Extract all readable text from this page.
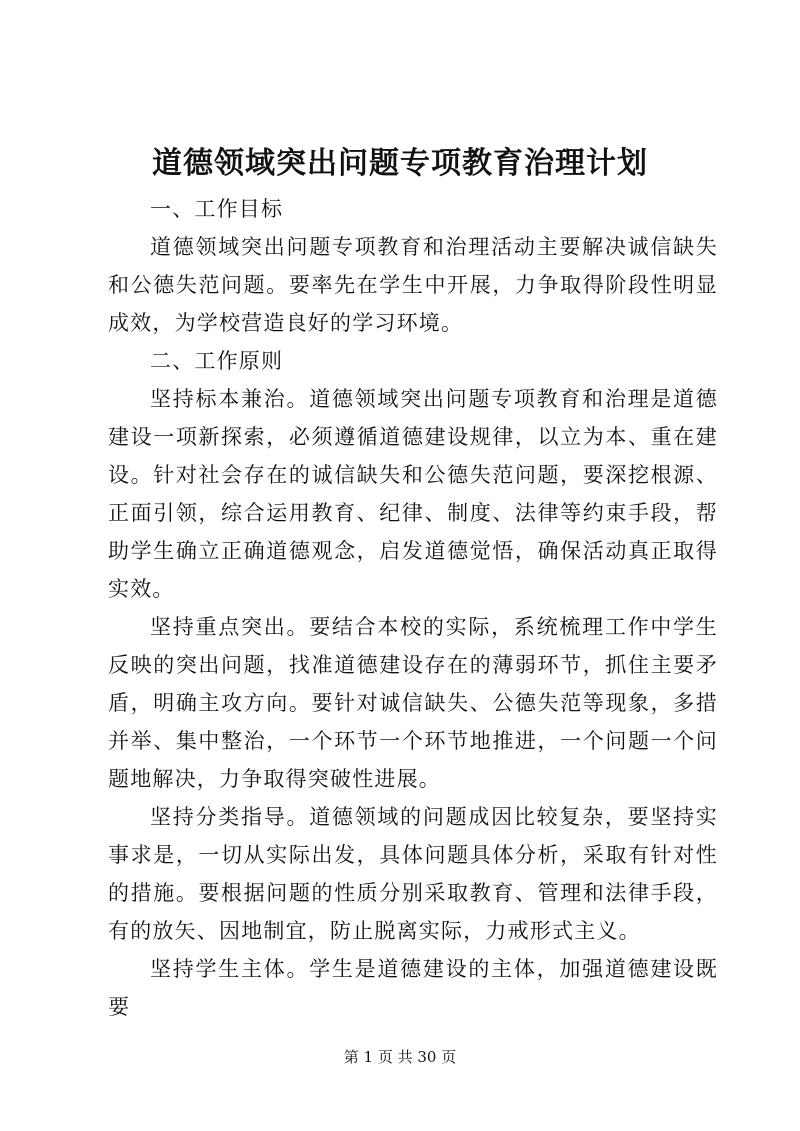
道德领域突出问题专项教育治理计划

一、工作目标

道德领域突出问题专项教育和治理活动主要解决诚信缺失和公德失范问题。要率先在学生中开展，力争取得阶段性明显成效，为学校营造良好的学习环境。

二、工作原则

坚持标本兼治。道德领域突出问题专项教育和治理是道德建设一项新探索，必须遵循道德建设规律，以立为本、重在建设。针对社会存在的诚信缺失和公德失范问题，要深挖根源、正面引领，综合运用教育、纪律、制度、法律等约束手段，帮助学生确立正确道德观念，启发道德觉悟，确保活动真正取得实效。

坚持重点突出。要结合本校的实际，系统梳理工作中学生反映的突出问题，找准道德建设存在的薄弱环节，抓住主要矛盾，明确主攻方向。要针对诚信缺失、公德失范等现象，多措并举、集中整治，一个环节一个环节地推进，一个问题一个问题地解决，力争取得突破性进展。

坚持分类指导。道德领域的问题成因比较复杂，要坚持实事求是，一切从实际出发，具体问题具体分析，采取有针对性的措施。要根据问题的性质分别采取教育、管理和法律手段，有的放矢、因地制宜，防止脱离实际，力戒形式主义。

坚持学生主体。学生是道德建设的主体，加强道德建设既要

第 1 页 共 30 页
